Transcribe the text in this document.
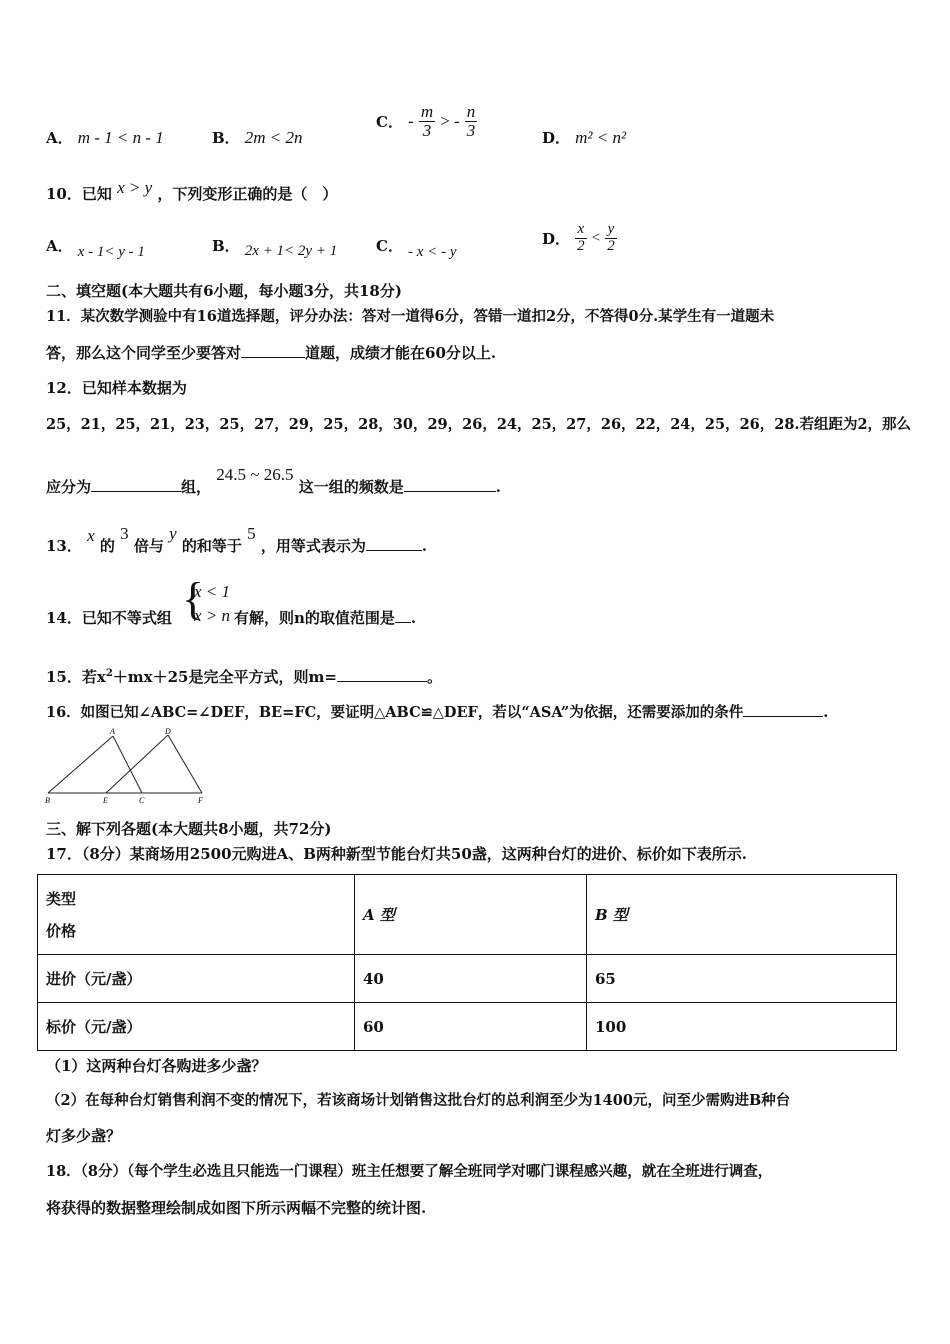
A． m - 1 < n - 1	B． 2m < 2n
C． - $\frac{m}{3}$ > - $\frac{n}{3}$	D． m² < n²
10．已知 x > y ，下列变形正确的是（　）
A． x - 1< y - 1	B． 2x + 1< 2y + 1	C． - x < - y
D． $\frac{x}{2} < \frac{y}{2}$
二、填空题(本大题共有6小题，每小题3分，共18分)
11．某次数学测验中有16道选择题，评分办法：答对一道得6分，答错一道扣2分，不答得0分.某学生有一道题未
答，那么这个同学至少要答对	道题，成绩才能在60分以上.
12．已知样本数据为
25，21，25，21，23，25，27，29，25，28，30，29，26，24，25，27，26，22，24，25，26，28.若组距为2，那么
应分为	组， 24.5 ~ 26.5 这一组的频数是	.
13． x 的 3 倍与 y 的和等于 5 ，用等式表示为	.
14．已知不等式组 {
x < 1
x > n 有解，则n的取值范围是 .
15．若$x^2+mx+25$是完全平方式，则m=	。
16．如图已知∠ABC=∠DEF，BE=FC，要证明△ABC≌△DEF，若以“ASA”为依据，还需要添加的条件	.
A	D
B	E	C	F
三、解下列各题(本大题共8小题，共72分)
17．（8分）某商场用2500元购进A、B两种新型节能台灯共50盏，这两种台灯的进价、标价如下表所示.
类型
价格	A 型	B 型
进价（元/盏）	40	65
标价（元/盏）	60	100
（1）这两种台灯各购进多少盏？
（2）在每种台灯销售利润不变的情况下，若该商场计划销售这批台灯的总利润至少为1400元，问至少需购进B种台
灯多少盏？
18．（8分）（每个学生必选且只能选一门课程）班主任想要了解全班同学对哪门课程感兴趣，就在全班进行调查，
将获得的数据整理绘制成如图下所示两幅不完整的统计图.
